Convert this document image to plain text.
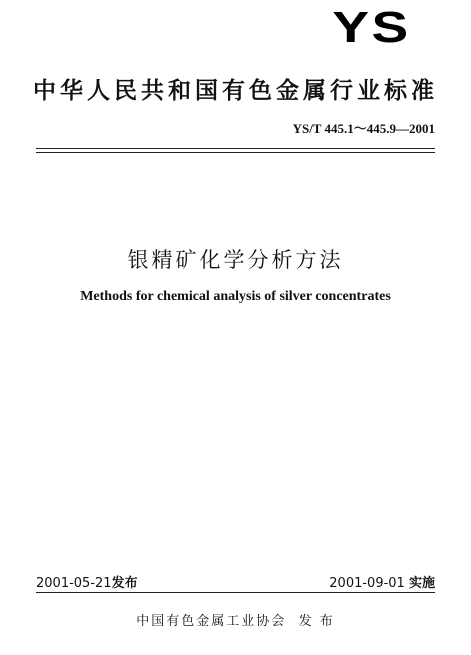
YS
中华人民共和国有色金属行业标准
YS/T 445.1～445.9—2001
银精矿化学分析方法
Methods for chemical analysis of silver concentrates
2001-05-21发布	2001-09-01 实施
中国有色金属工业协会 发 布
